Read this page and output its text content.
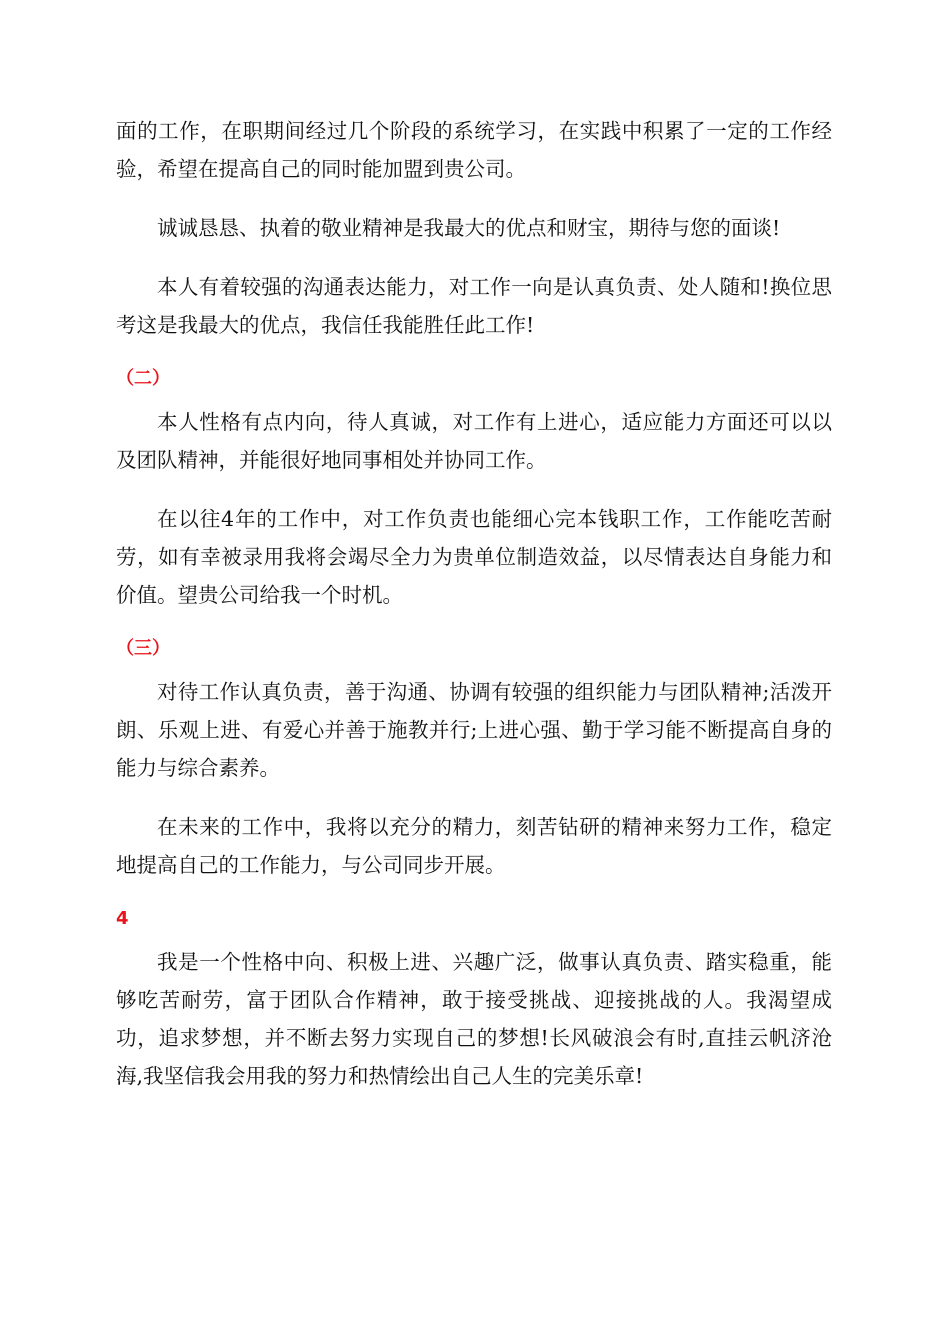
面的工作，在职期间经过几个阶段的系统学习，在实践中积累了一定的工作经验，希望在提高自己的同时能加盟到贵公司。

诚诚恳恳、执着的敬业精神是我最大的优点和财宝，期待与您的面谈!

本人有着较强的沟通表达能力，对工作一向是认真负责、处人随和!换位思考这是我最大的优点，我信任我能胜任此工作!

（二）

本人性格有点内向，待人真诚，对工作有上进心，适应能力方面还可以以及团队精神，并能很好地同事相处并协同工作。

在以往4年的工作中，对工作负责也能细心完本钱职工作，工作能吃苦耐劳，如有幸被录用我将会竭尽全力为贵单位制造效益，以尽情表达自身能力和价值。望贵公司给我一个时机。

（三）

对待工作认真负责，善于沟通、协调有较强的组织能力与团队精神;活泼开朗、乐观上进、有爱心并善于施教并行;上进心强、勤于学习能不断提高自身的能力与综合素养。

在未来的工作中，我将以充分的精力，刻苦钻研的精神来努力工作，稳定地提高自己的工作能力，与公司同步开展。

4

我是一个性格中向、积极上进、兴趣广泛，做事认真负责、踏实稳重，能够吃苦耐劳，富于团队合作精神，敢于接受挑战、迎接挑战的人。我渴望成功，追求梦想，并不断去努力实现自己的梦想!长风破浪会有时,直挂云帆济沧海,我坚信我会用我的努力和热情绘出自己人生的完美乐章!
